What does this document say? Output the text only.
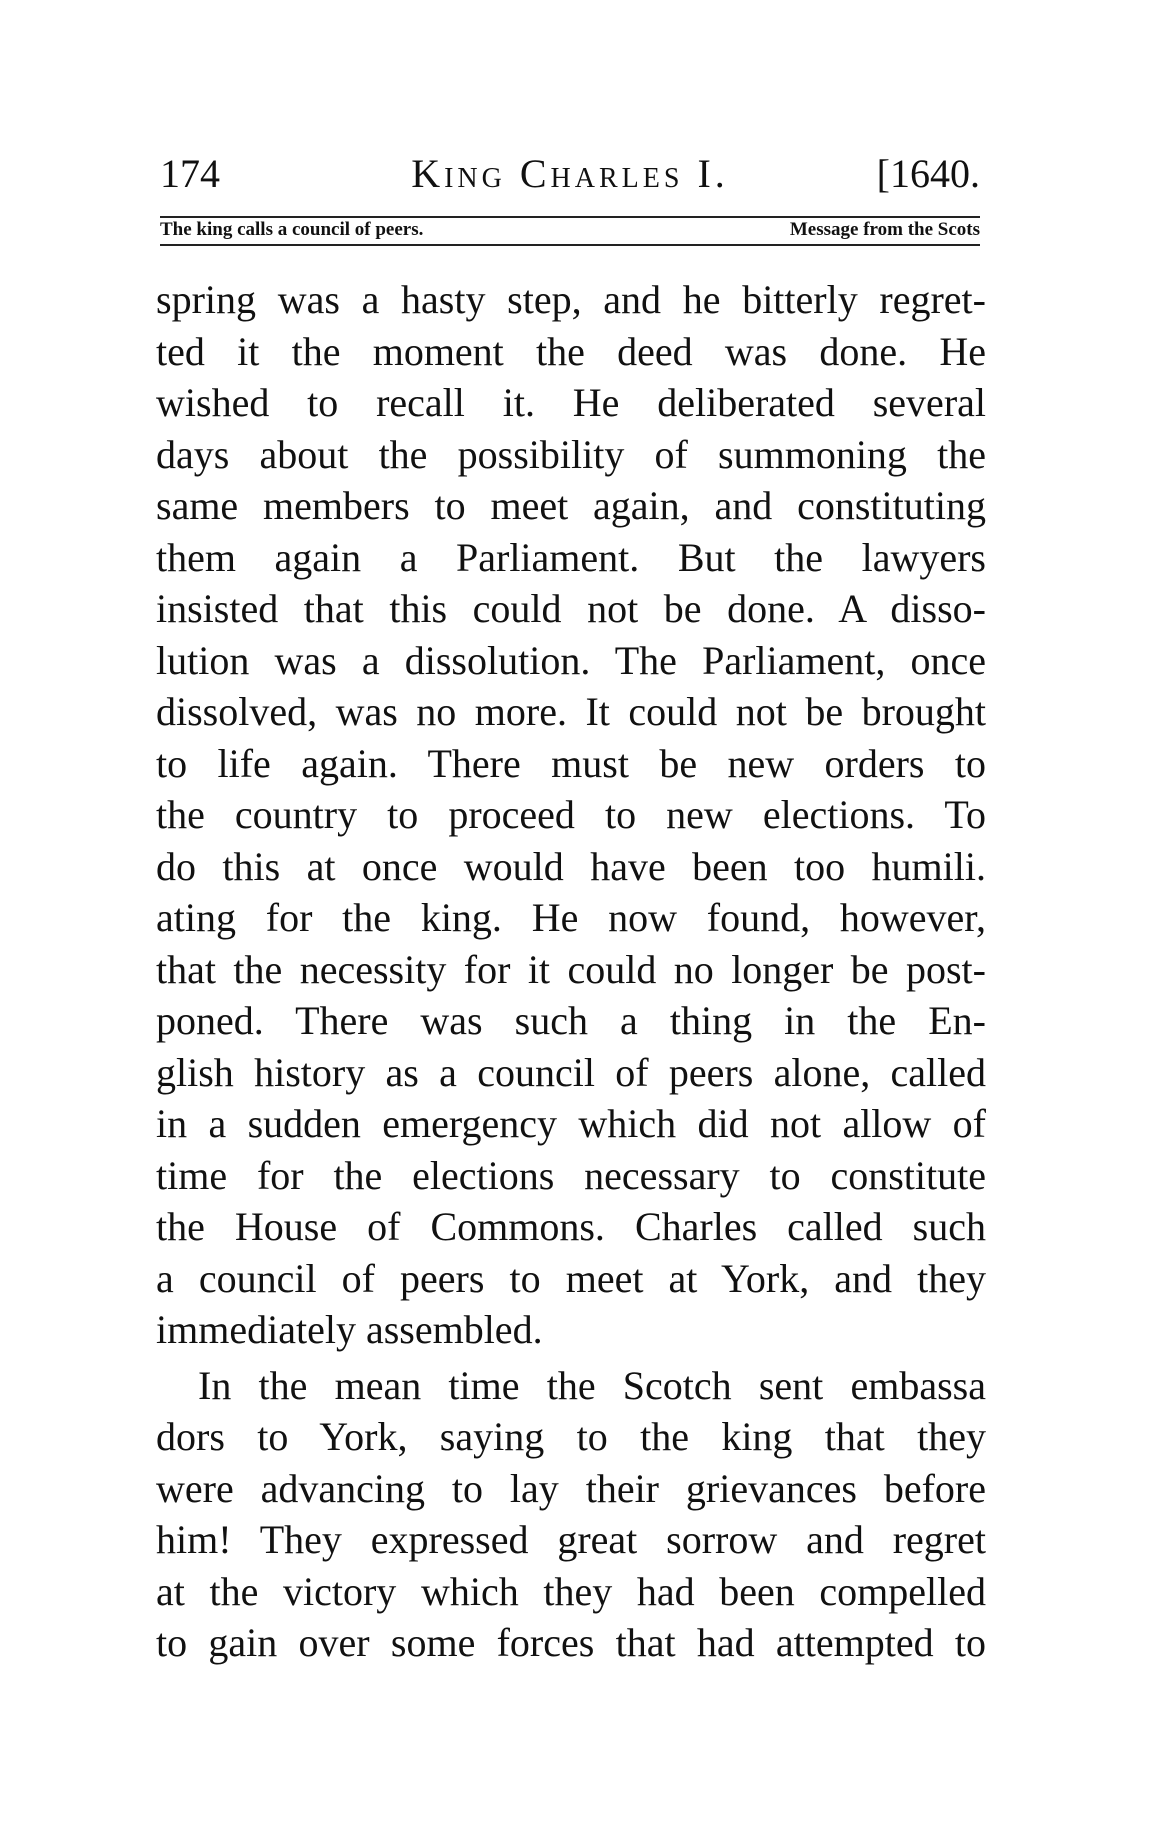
174	King Charles I.	[1640.
The king calls a council of peers.	Message from the Scots
spring was a hasty step, and he bitterly regret-
ted it the moment the deed was done. He
wished to recall it. He deliberated several
days about the possibility of summoning the
same members to meet again, and constituting
them again a Parliament. But the lawyers
insisted that this could not be done. A disso-
lution was a dissolution. The Parliament, once
dissolved, was no more. It could not be brought
to life again. There must be new orders to
the country to proceed to new elections. To
do this at once would have been too humili.
ating for the king. He now found, however,
that the necessity for it could no longer be post-
poned. There was such a thing in the En-
glish history as a council of peers alone, called
in a sudden emergency which did not allow of
time for the elections necessary to constitute
the House of Commons. Charles called such
a council of peers to meet at York, and they
immediately assembled.
In the mean time the Scotch sent embassa
dors to York, saying to the king that they
were advancing to lay their grievances before
him! They expressed great sorrow and regret
at the victory which they had been compelled
to gain over some forces that had attempted to
